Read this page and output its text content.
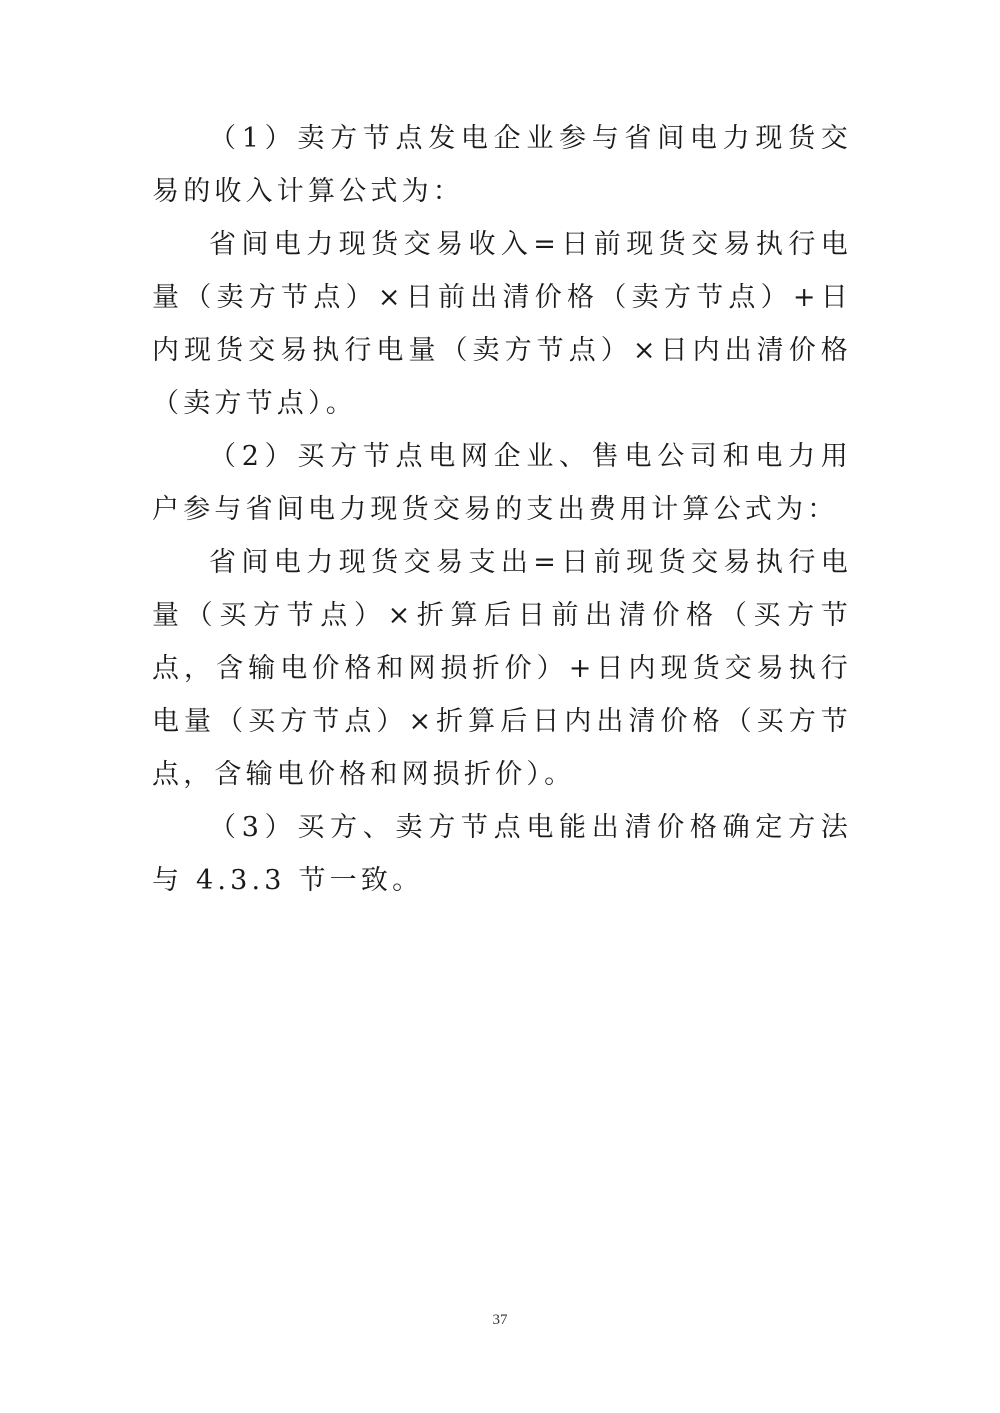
（1）卖方节点发电企业参与省间电力现货交易的收入计算公式为：

省间电力现货交易收入=日前现货交易执行电量（卖方节点）×日前出清价格（卖方节点）+日内现货交易执行电量（卖方节点）×日内出清价格（卖方节点）。

（2）买方节点电网企业、售电公司和电力用户参与省间电力现货交易的支出费用计算公式为：

省间电力现货交易支出=日前现货交易执行电量（买方节点）×折算后日前出清价格（买方节点，含输电价格和网损折价）+日内现货交易执行电量（买方节点）×折算后日内出清价格（买方节点，含输电价格和网损折价）。

（3）买方、卖方节点电能出清价格确定方法与 4.3.3 节一致。

37
